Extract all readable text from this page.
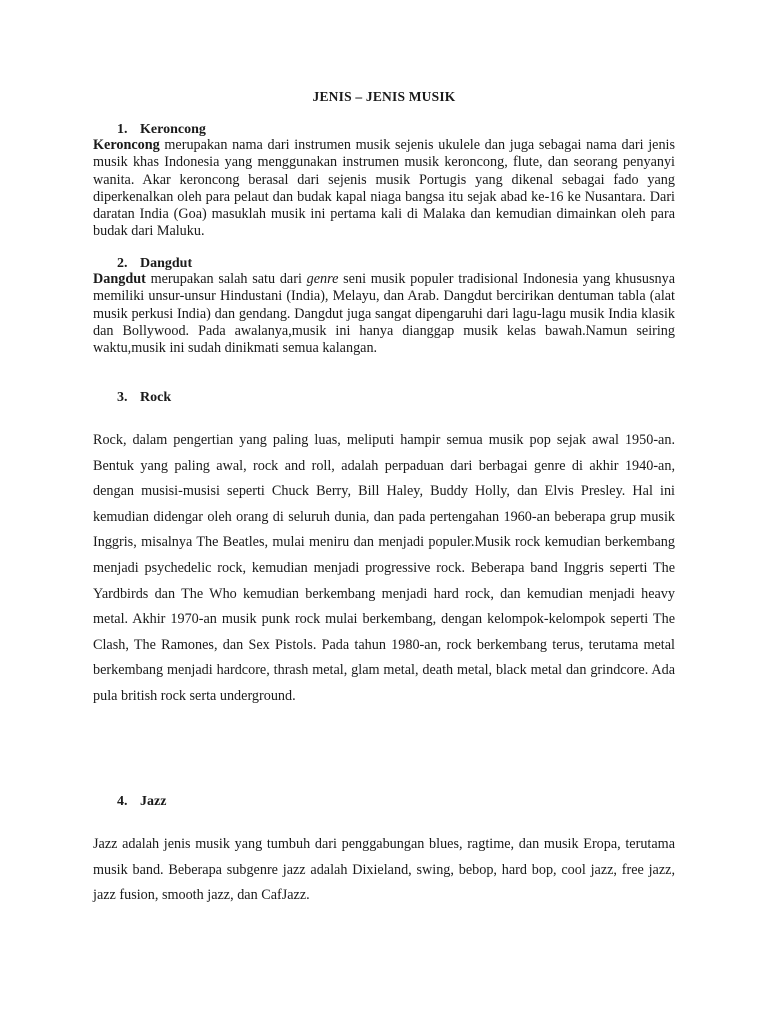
JENIS – JENIS MUSIK
1. Keroncong
Keroncong merupakan nama dari instrumen musik sejenis ukulele dan juga sebagai nama dari jenis musik khas Indonesia yang menggunakan instrumen musik keroncong, flute, dan seorang penyanyi wanita. Akar keroncong berasal dari sejenis musik Portugis yang dikenal sebagai fado yang diperkenalkan oleh para pelaut dan budak kapal niaga bangsa itu sejak abad ke-16 ke Nusantara. Dari daratan India (Goa) masuklah musik ini pertama kali di Malaka dan kemudian dimainkan oleh para budak dari Maluku.
2. Dangdut
Dangdut merupakan salah satu dari genre seni musik populer tradisional Indonesia yang khususnya memiliki unsur-unsur Hindustani (India), Melayu, dan Arab. Dangdut bercirikan dentuman tabla (alat musik perkusi India) dan gendang. Dangdut juga sangat dipengaruhi dari lagu-lagu musik India klasik dan Bollywood. Pada awalanya,musik ini hanya dianggap musik kelas bawah.Namun seiring waktu,musik ini sudah dinikmati semua kalangan.
3. Rock
Rock, dalam pengertian yang paling luas, meliputi hampir semua musik pop sejak awal 1950-an. Bentuk yang paling awal, rock and roll, adalah perpaduan dari berbagai genre di akhir 1940-an, dengan musisi-musisi seperti Chuck Berry, Bill Haley, Buddy Holly, dan Elvis Presley. Hal ini kemudian didengar oleh orang di seluruh dunia, dan pada pertengahan 1960-an beberapa grup musik Inggris, misalnya The Beatles, mulai meniru dan menjadi populer.Musik rock kemudian berkembang menjadi psychedelic rock, kemudian menjadi progressive rock. Beberapa band Inggris seperti The Yardbirds dan The Who kemudian berkembang menjadi hard rock, dan kemudian menjadi heavy metal. Akhir 1970-an musik punk rock mulai berkembang, dengan kelompok-kelompok seperti The Clash, The Ramones, dan Sex Pistols. Pada tahun 1980-an, rock berkembang terus, terutama metal berkembang menjadi hardcore, thrash metal, glam metal, death metal, black metal dan grindcore. Ada pula british rock serta underground.
4. Jazz
Jazz adalah jenis musik yang tumbuh dari penggabungan blues, ragtime, dan musik Eropa, terutama musik band. Beberapa subgenre jazz adalah Dixieland, swing, bebop, hard bop, cool jazz, free jazz, jazz fusion, smooth jazz, dan CafJazz.
